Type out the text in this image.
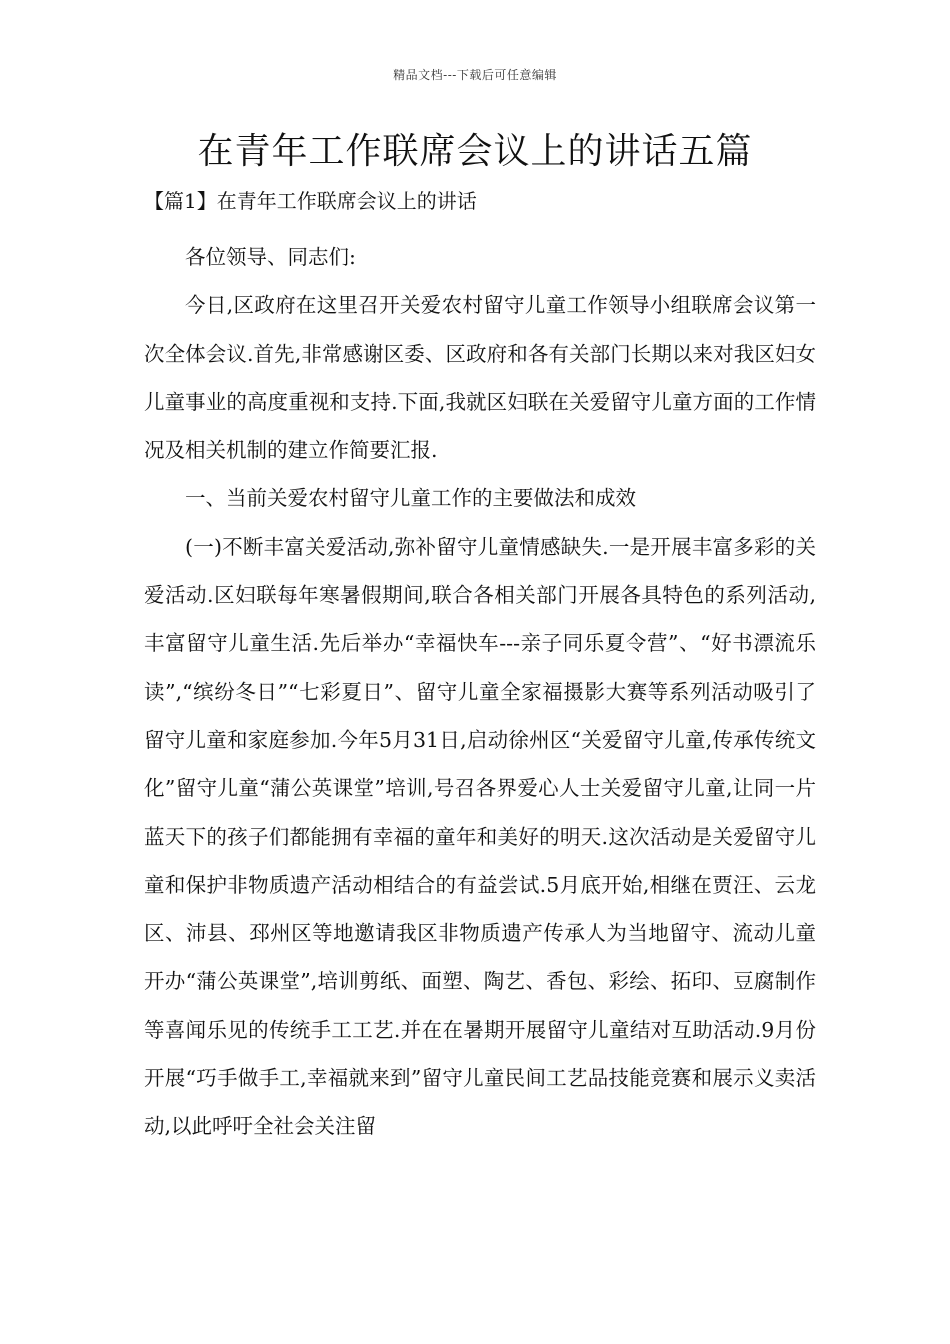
精品文档---下载后可任意编辑
在青年工作联席会议上的讲话五篇
【篇1】在青年工作联席会议上的讲话

各位领导、同志们:

今日,区政府在这里召开关爱农村留守儿童工作领导小组联席会议第一次全体会议.首先,非常感谢区委、区政府和各有关部门长期以来对我区妇女儿童事业的高度重视和支持.下面,我就区妇联在关爱留守儿童方面的工作情况及相关机制的建立作简要汇报.

一、当前关爱农村留守儿童工作的主要做法和成效

(一)不断丰富关爱活动,弥补留守儿童情感缺失.一是开展丰富多彩的关爱活动.区妇联每年寒暑假期间,联合各相关部门开展各具特色的系列活动,丰富留守儿童生活.先后举办“幸福快车---亲子同乐夏令营”、“好书漂流乐读”,“缤纷冬日”“七彩夏日”、留守儿童全家福摄影大赛等系列活动吸引了留守儿童和家庭参加.今年5月31日,启动徐州区“关爱留守儿童,传承传统文化”留守儿童“蒲公英课堂”培训,号召各界爱心人士关爱留守儿童,让同一片蓝天下的孩子们都能拥有幸福的童年和美好的明天.这次活动是关爱留守儿童和保护非物质遗产活动相结合的有益尝试.5月底开始,相继在贾汪、云龙区、沛县、邳州区等地邀请我区非物质遗产传承人为当地留守、流动儿童开办“蒲公英课堂”,培训剪纸、面塑、陶艺、香包、彩绘、拓印、豆腐制作等喜闻乐见的传统手工工艺.并在在暑期开展留守儿童结对互助活动.9月份开展“巧手做手工,幸福就来到”留守儿童民间工艺品技能竞赛和展示义卖活动,以此呼吁全社会关注留
